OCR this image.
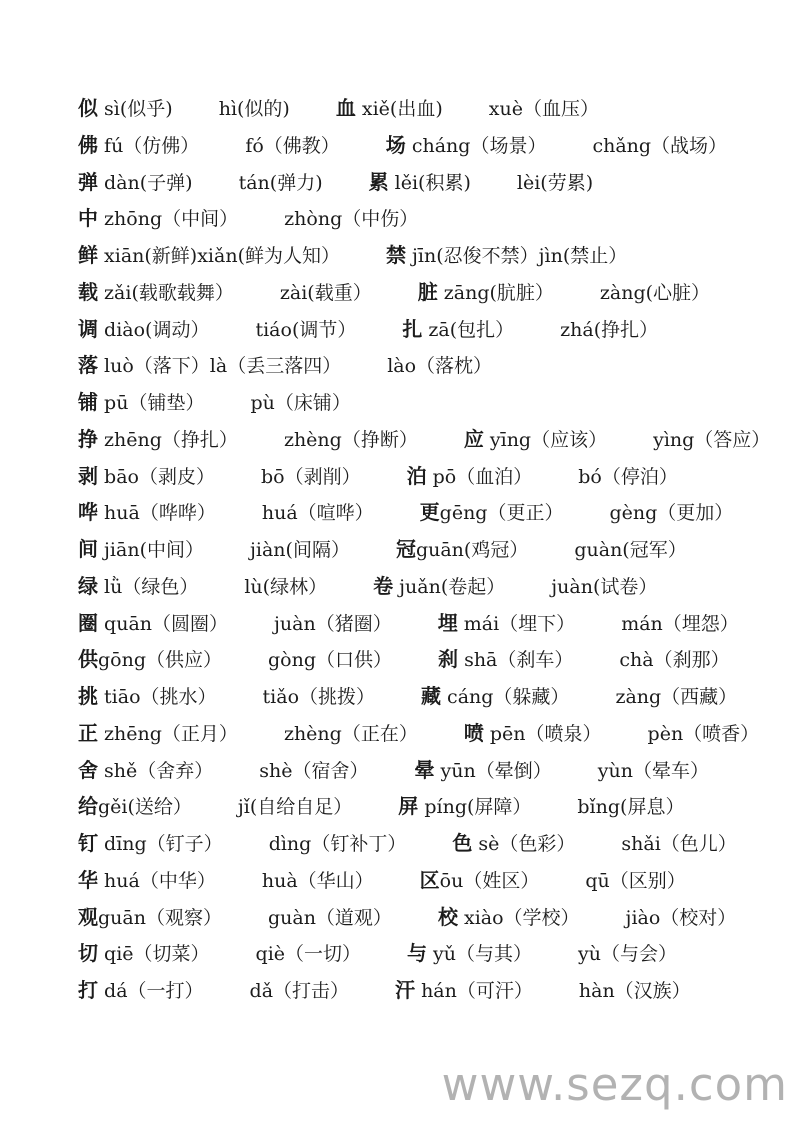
似 sì(似乎) hì(似的) 血 xiě(出血) xuè（血压）
佛 fú（仿佛） fó（佛教） 场 cháng（场景） chǎng（战场）
弹 dàn(子弹) tán(弹力) 累 lěi(积累) lèi(劳累)
中 zhōng（中间） zhòng（中伤）
鲜 xiān(新鲜)xiǎn(鲜为人知） 禁 jīn(忍俊不禁）jìn(禁止）
载 zǎi(载歌载舞） zài(载重） 脏 zāng(肮脏） zàng(心脏）
调 diào(调动） tiáo(调节） 扎 zā(包扎） zhá(挣扎）
落 luò（落下）là（丢三落四） lào（落枕）
铺 pū（铺垫） pù（床铺）
挣 zhēng（挣扎） zhèng（挣断） 应 yīng（应该） yìng（答应）
剥 bāo（剥皮） bō（剥削） 泊 pō（血泊） bó（停泊）
哗 huā（哗哗） huá（喧哗） 更gēng（更正） gèng（更加）
间 jiān(中间） jiàn(间隔） 冠guān(鸡冠） guàn(冠军）
绿 lǜ（绿色） lù(绿林） 卷 juǎn(卷起） juàn(试卷）
圈 quān（圆圈） juàn（猪圈） 埋 mái（埋下） mán（埋怨）
供gōng（供应） gòng（口供） 刹 shā（刹车） chà（刹那）
挑 tiāo（挑水） tiǎo（挑拨） 藏 cáng（躲藏） zàng（西藏）
正 zhēng（正月） zhèng（正在） 喷 pēn（喷泉） pèn（喷香）
舍 shě（舍弃） shè（宿舍） 晕 yūn（晕倒） yùn（晕车）
给gěi(送给） jǐ(自给自足） 屏 píng(屏障） bǐng(屏息）
钉 dīng（钉子） dìng（钉补丁） 色 sè（色彩） shǎi（色儿）
华 huá（中华） huà（华山） 区ōu（姓区） qū（区别）
观guān（观察） guàn（道观） 校 xiào（学校） jiào（校对）
切 qiē（切菜） qiè（一切） 与 yǔ（与其） yù（与会）
打 dá（一打） dǎ（打击） 汗 hán（可汗） hàn（汉族）
www.sezq.com
